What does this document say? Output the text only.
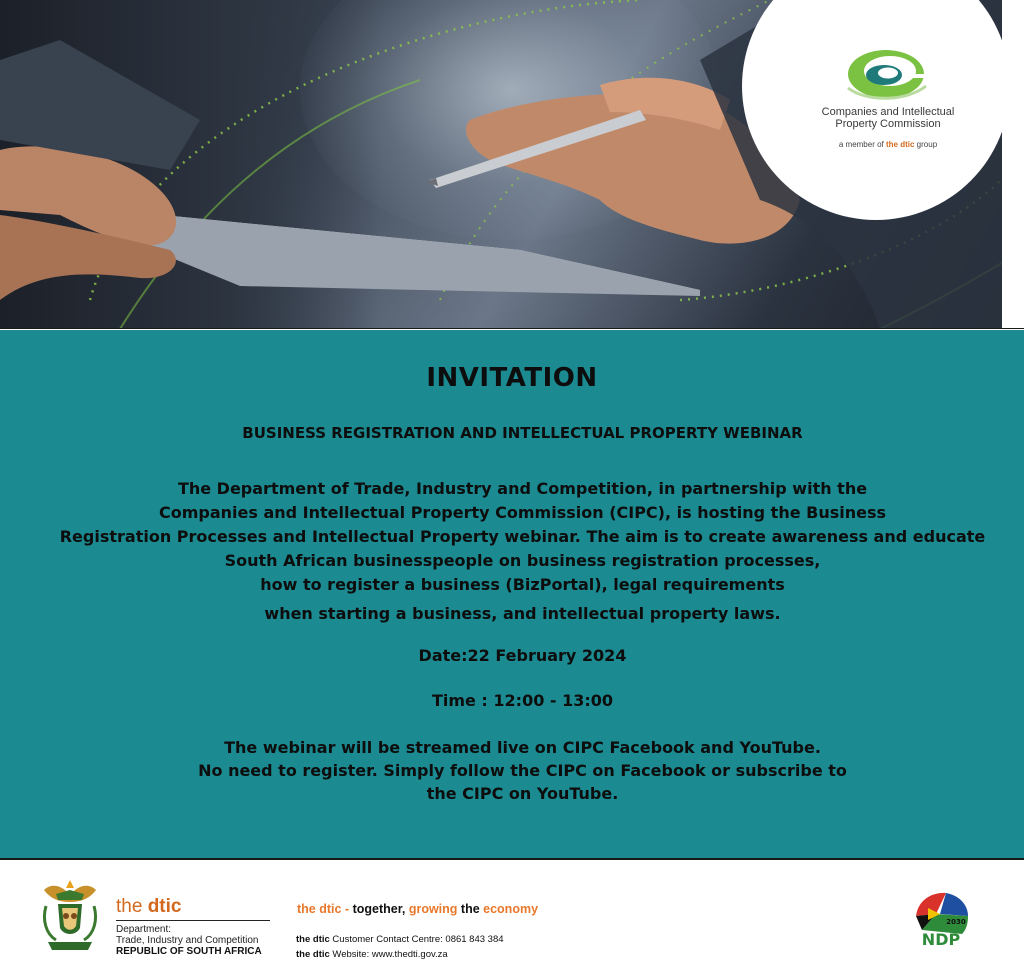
Companies and Intellectual
Property Commission
a member of the dtic group
INVITATION
BUSINESS REGISTRATION AND INTELLECTUAL PROPERTY WEBINAR
The Department of Trade, Industry and Competition, in partnership with the
Companies and Intellectual Property Commission (CIPC), is hosting the Business
Registration Processes and Intellectual Property webinar. The aim is to create awareness and educate
South African businesspeople on business registration processes,
how to register a business (BizPortal), legal requirements
when starting a business, and intellectual property laws.
Date:22 February 2024
Time : 12:00 - 13:00
The webinar will be streamed live on CIPC Facebook and YouTube.
No need to register. Simply follow the CIPC on Facebook or subscribe to
the CIPC on YouTube.
the dtic
Department:
Trade, Industry and Competition
REPUBLIC OF SOUTH AFRICA
the dtic - together, growing the economy
the dtic Customer Contact Centre: 0861 843 384
the dtic Website: www.thedti.gov.za
2030
NDP
